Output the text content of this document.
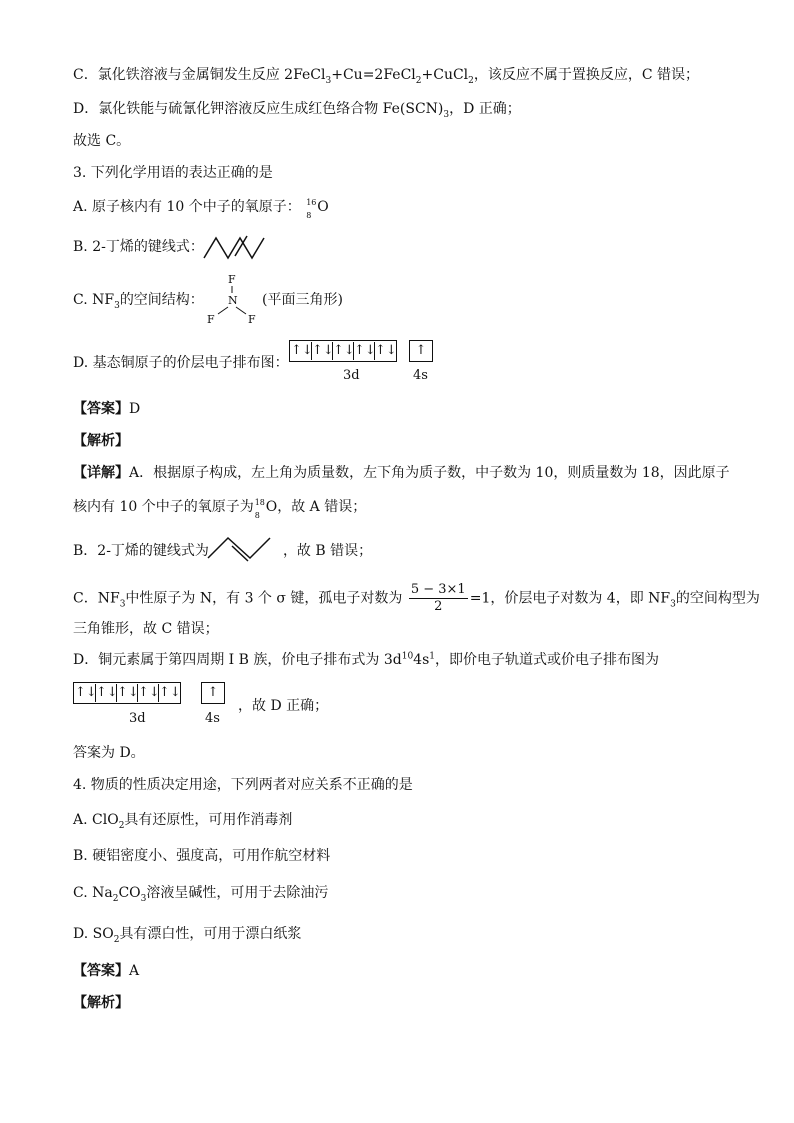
C．氯化铁溶液与金属铜发生反应 2FeCl$_3$+Cu=2FeCl$_2$+CuCl$_2$，该反应不属于置换反应，C 错误；
D．氯化铁能与硫氰化钾溶液反应生成红色络合物 $Fe(SCN)_3$，D 正确；
故选 C。
3. 下列化学用语的表达正确的是
A. 原子核内有 10 个中子的氧原子： 16
8
O
B. 2-丁烯的键线式：
C. $NF_3$的空间结构：
F
N
F	F
(平面三角形)
D. 基态铜原子的价层电子排布图：
↑↓ ↑↓ ↑↓ ↑↓ ↑↓	↑
3d	4s
【答案】D
【解析】
【详解】A．根据原子构成，左上角为质量数，左下角为质子数，中子数为 10，则质量数为 18，因此原子
核内有 10 个中子的氧原子为 18
8
O，故 A 错误；
B．2-丁烯的键线式为	，故 B 错误；
C．$NF_3$中性原子为 N，有 3 个 σ 键，孤电子对数为 $\frac{5 - 3\times 1}{2} =1$，价层电子对数为 4，即 $NF_3$的空间构型为
三角锥形，故 C 错误；
D．铜元素属于第四周期 I B 族，价电子排布式为 $3d^{10}4s^1$，即价电子轨道式或价电子排布图为
↑↓ ↑↓ ↑↓ ↑↓ ↑↓	↑
3d	4s
，故 D 正确；
答案为 D。
4. 物质的性质决定用途，下列两者对应关系不正确的是
A. ClO$_2$具有还原性，可用作消毒剂
B. 硬铝密度小、强度高，可用作航空材料
C. $Na_2CO_3$溶液呈碱性，可用于去除油污
D. $SO_2$具有漂白性，可用于漂白纸浆
【答案】A
【解析】
